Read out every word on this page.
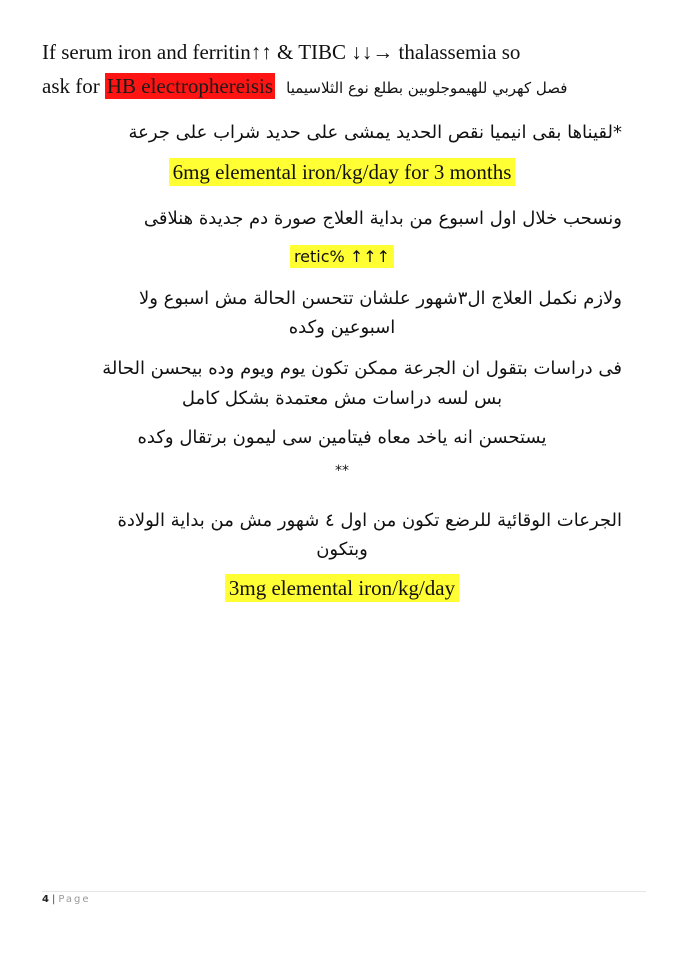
If serum iron and ferritin↑↑ & TIBC ↓↓→ thalassemia so
ask for HB electrophereisis فصل كهربي للهيموجلوبين بطلع نوع الثلاسيميا
*لقيناها بقى انيميا نقص الحديد يمشى على حديد شراب على جرعة
6mg elemental iron/kg/day for 3 months
ونسحب خلال اول اسبوع من بداية العلاج صورة دم جديدة هنلاقى
retic% ↑↑↑
ولازم نكمل العلاج ال٣شهور علشان تتحسن الحالة مش اسبوع ولا
اسبوعين وكده
فى دراسات بتقول ان الجرعة ممكن تكون يوم ويوم وده بيحسن الحالة
بس لسه دراسات مش معتمدة بشكل كامل
يستحسن انه ياخد معاه فيتامين سى ليمون برتقال وكده
**
الجرعات الوقائية للرضع تكون من اول ٤ شهور مش من بداية الولادة
وبتكون
3mg elemental iron/kg/day
4 | Page
